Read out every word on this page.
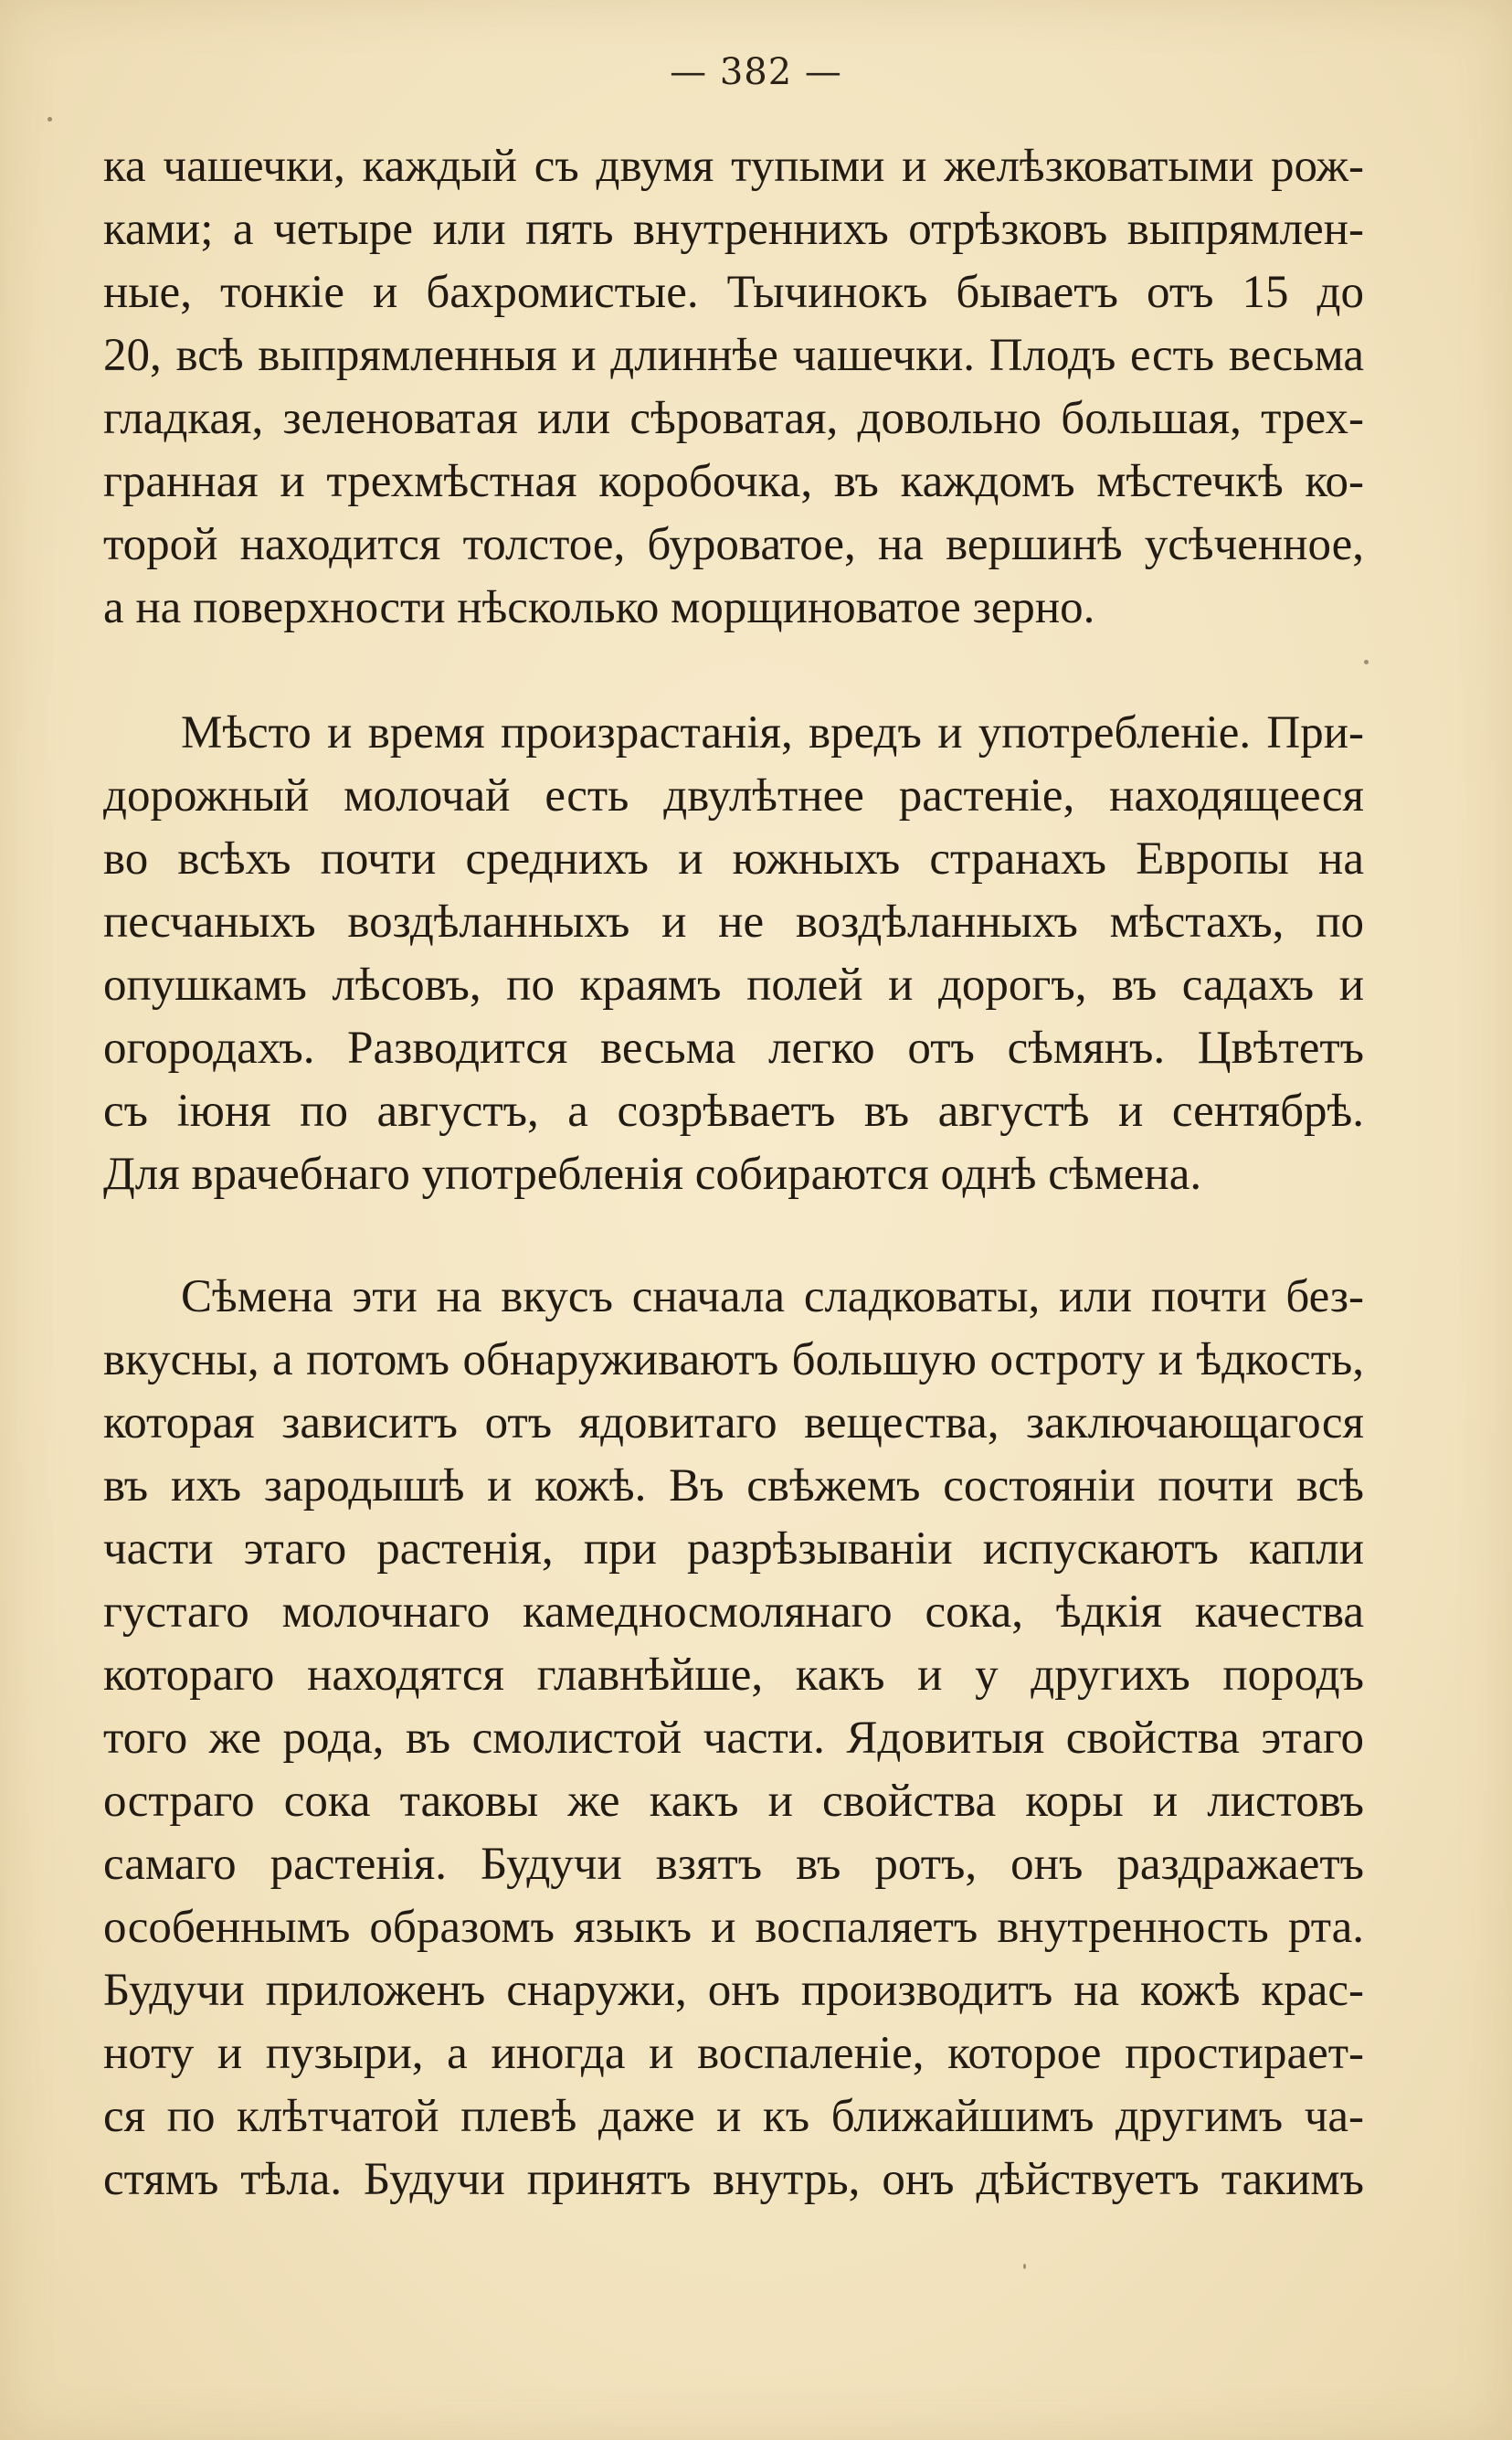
— 382 —
ка чашечки, каждый съ двумя тупыми и желѣзковатыми рож-
ками; а четыре или пять внутреннихъ отрѣзковъ выпрямлен-
ные, тонкіе и бахромистые. Тычинокъ бываетъ отъ 15 до
20, всѣ выпрямленныя и длиннѣе чашечки. Плодъ есть весьма
гладкая, зеленоватая или сѣроватая, довольно большая, трех-
гранная и трехмѣстная коробочка, въ каждомъ мѣстечкѣ ко-
торой находится толстое, буроватое, на вершинѣ усѣченное,
а на поверхности нѣсколько морщиноватое зерно.
Мѣсто и время произрастанія, вредъ и употребленіе. При-
дорожный молочай есть двулѣтнее растеніе, находящееся
во всѣхъ почти среднихъ и южныхъ странахъ Европы на
песчаныхъ воздѣланныхъ и не воздѣланныхъ мѣстахъ, по
опушкамъ лѣсовъ, по краямъ полей и дорогъ, въ садахъ и
огородахъ. Разводится весьма легко отъ сѣмянъ. Цвѣтетъ
съ іюня по августъ, а созрѣваетъ въ августѣ и сентябрѣ.
Для врачебнаго употребленія собираются однѣ сѣмена.
Сѣмена эти на вкусъ сначала сладковаты, или почти без-
вкусны, а потомъ обнаруживаютъ большую остроту и ѣдкость,
которая зависитъ отъ ядовитаго вещества, заключающагося
въ ихъ зародышѣ и кожѣ. Въ свѣжемъ состояніи почти всѣ
части этаго растенія, при разрѣзываніи испускаютъ капли
густаго молочнаго камедносмолянаго сока, ѣдкія качества
котораго находятся главнѣйше, какъ и у другихъ породъ
того же рода, въ смолистой части. Ядовитыя свойства этаго
остраго сока таковы же какъ и свойства коры и листовъ
самаго растенія. Будучи взятъ въ ротъ, онъ раздражаетъ
особеннымъ образомъ языкъ и воспаляетъ внутренность рта.
Будучи приложенъ снаружи, онъ производитъ на кожѣ крас-
ноту и пузыри, а иногда и воспаленіе, которое простирает-
ся по клѣтчатой плевѣ даже и къ ближайшимъ другимъ ча-
стямъ тѣла. Будучи принятъ внутрь, онъ дѣйствуетъ такимъ
